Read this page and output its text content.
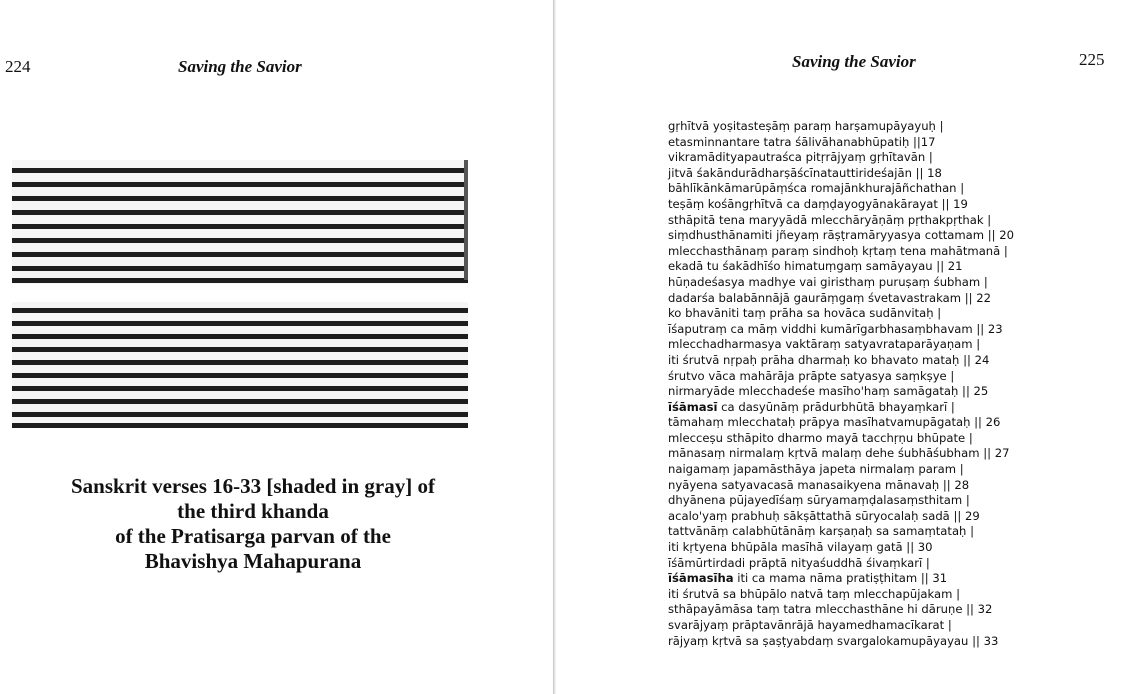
224	Saving the Savior
Sanskrit verses 16-33 [shaded in gray] of
the third khanda
of the Pratisarga parvan of the
Bhavishya Mahapurana
Saving the Savior	225
gṛhītvā yoṣitasteṣāṃ paraṃ harṣamupāyayuḥ |
etasminnantare tatra śālivāhanabhūpatiḥ ||17
vikramādityapautraśca pitṛrājyaṃ gṛhītavān |
jitvā śakāndurādharṣāścīnatauttirideśajān || 18
bāhlīkānkāmarūpāṃśca romajānkhurajāñchathan |
teṣāṃ kośāngṛhītvā ca daṃḍayogyānakārayat || 19
sthāpitā tena maryyādā mlecchāryāṇāṃ pṛthakpṛthak |
siṃdhusthānamiti jñeyaṃ rāṣṭramāryyasya cottamam || 20
mlecchasthānaṃ paraṃ sindhoḥ kṛtaṃ tena mahātmanā |
ekadā tu śakādhīśo himatuṃgaṃ samāyayau || 21
hūṇadeśasya madhye vai giristhaṃ puruṣaṃ śubham |
dadarśa balabānnājā gaurāṃgaṃ śvetavastrakam || 22
ko bhavāniti taṃ prāha sa hovāca sudānvitaḥ |
īśaputraṃ ca māṃ viddhi kumārīgarbhasaṃbhavam || 23
mlecchadharmasya vaktāraṃ satyavrataparāyaṇam |
iti śrutvā nṛpaḥ prāha dharmaḥ ko bhavato mataḥ || 24
śrutvo vāca mahārāja prāpte satyasya saṃkṣye |
nirmaryāde mlecchadeśe masīho'haṃ samāgataḥ || 25
īśāmasī ca dasyūnāṃ prādurbhūtā bhayaṃkarī |
tāmahaṃ mlecchataḥ prāpya masīhatvamupāgataḥ || 26
mlecceṣu sthāpito dharmo mayā tacchṛṇu bhūpate |
mānasaṃ nirmalaṃ kṛtvā malaṃ dehe śubhāśubham || 27
naigamaṃ japamāsthāya japeta nirmalaṃ param |
nyāyena satyavacasā manasaikyena mānavaḥ || 28
dhyānena pūjayedīśaṃ sūryamaṃḍalasaṃsthitam |
acalo'yaṃ prabhuḥ sākṣāttathā sūryocalaḥ sadā || 29
tattvānāṃ calabhūtānāṃ karṣaṇaḥ sa samaṃtataḥ |
iti kṛtyena bhūpāla masīhā vilayaṃ gatā || 30
īśāmūrtirdadi prāptā nityaśuddhā śivaṃkarī |
īśāmasīha iti ca mama nāma pratiṣṭhitam || 31
iti śrutvā sa bhūpālo natvā taṃ mlecchapūjakam |
sthāpayāmāsa taṃ tatra mlecchasthāne hi dāruṇe || 32
svarājyaṃ prāptavānrājā hayamedhamacīkarat |
rājyaṃ kṛtvā sa ṣaṣṭyabdaṃ svargalokamupāyayau || 33
